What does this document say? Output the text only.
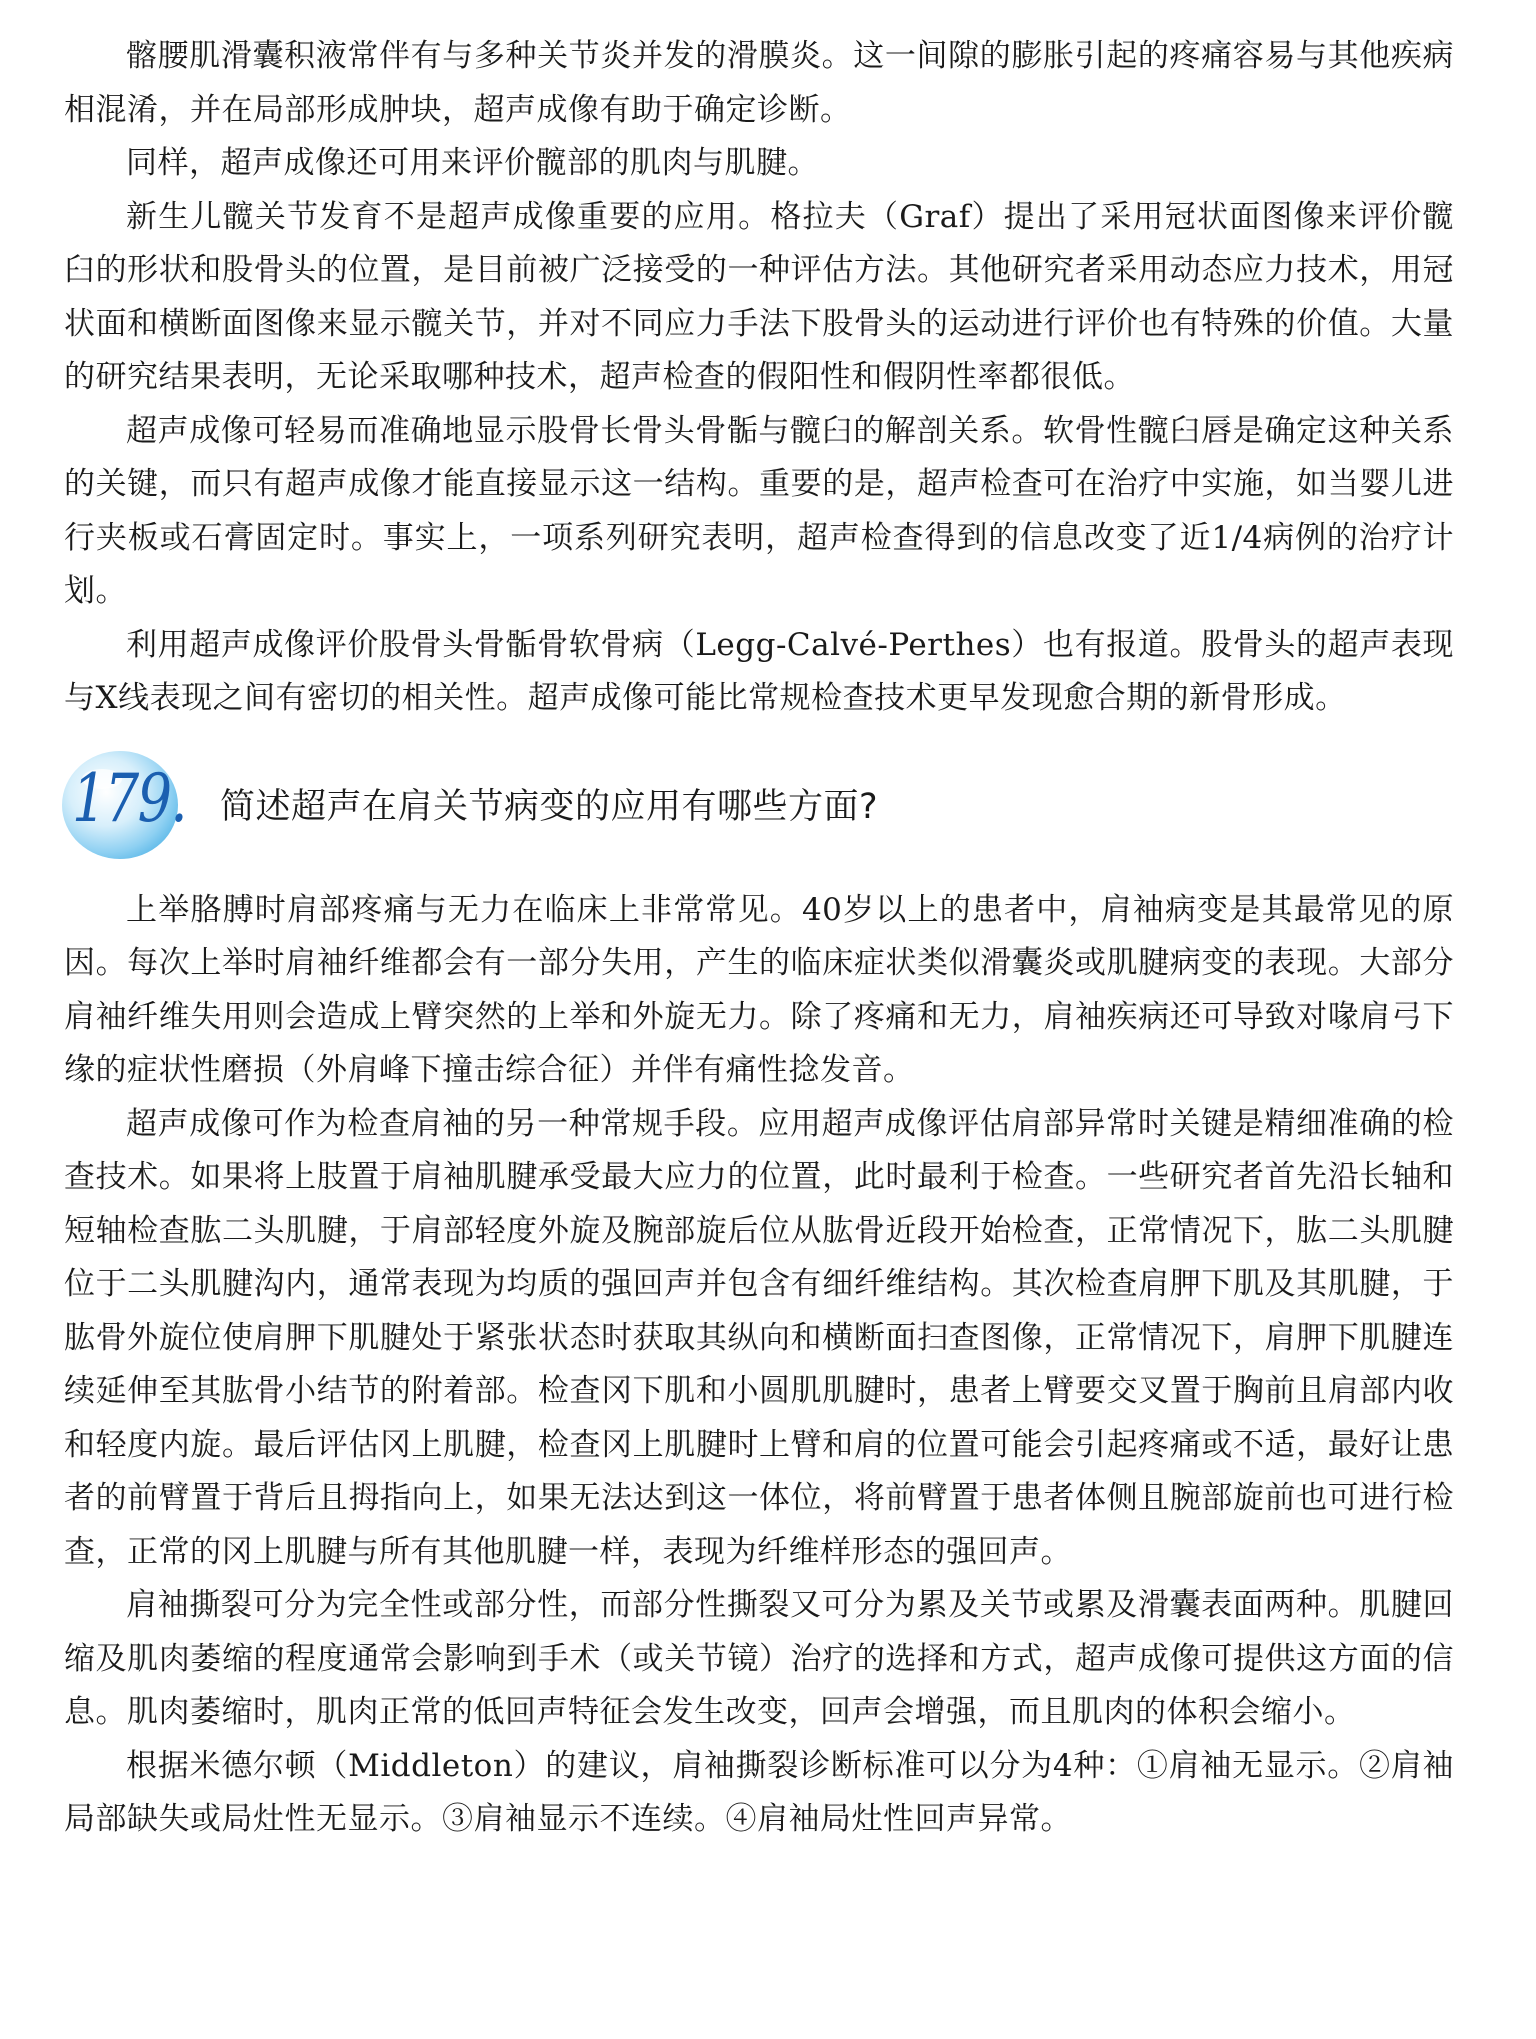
髂腰肌滑囊积液常伴有与多种关节炎并发的滑膜炎。这一间隙的膨胀引起的疼痛容易与其他疾病相混淆，并在局部形成肿块，超声成像有助于确定诊断。

同样，超声成像还可用来评价髋部的肌肉与肌腱。

新生儿髋关节发育不是超声成像重要的应用。格拉夫（Graf）提出了采用冠状面图像来评价髋臼的形状和股骨头的位置，是目前被广泛接受的一种评估方法。其他研究者采用动态应力技术，用冠状面和横断面图像来显示髋关节，并对不同应力手法下股骨头的运动进行评价也有特殊的价值。大量的研究结果表明，无论采取哪种技术，超声检查的假阳性和假阴性率都很低。

超声成像可轻易而准确地显示股骨长骨头骨骺与髋臼的解剖关系。软骨性髋臼唇是确定这种关系的关键，而只有超声成像才能直接显示这一结构。重要的是，超声检查可在治疗中实施，如当婴儿进行夹板或石膏固定时。事实上，一项系列研究表明，超声检查得到的信息改变了近1/4病例的治疗计划。

利用超声成像评价股骨头骨骺骨软骨病（Legg-Calvé-Perthes）也有报道。股骨头的超声表现与X线表现之间有密切的相关性。超声成像可能比常规检查技术更早发现愈合期的新骨形成。

179. 简述超声在肩关节病变的应用有哪些方面?

上举胳膊时肩部疼痛与无力在临床上非常常见。40岁以上的患者中，肩袖病变是其最常见的原因。每次上举时肩袖纤维都会有一部分失用，产生的临床症状类似滑囊炎或肌腱病变的表现。大部分肩袖纤维失用则会造成上臂突然的上举和外旋无力。除了疼痛和无力，肩袖疾病还可导致对喙肩弓下缘的症状性磨损（外肩峰下撞击综合征）并伴有痛性捻发音。

超声成像可作为检查肩袖的另一种常规手段。应用超声成像评估肩部异常时关键是精细准确的检查技术。如果将上肢置于肩袖肌腱承受最大应力的位置，此时最利于检查。一些研究者首先沿长轴和短轴检查肱二头肌腱，于肩部轻度外旋及腕部旋后位从肱骨近段开始检查，正常情况下，肱二头肌腱位于二头肌腱沟内，通常表现为均质的强回声并包含有细纤维结构。其次检查肩胛下肌及其肌腱，于肱骨外旋位使肩胛下肌腱处于紧张状态时获取其纵向和横断面扫查图像，正常情况下，肩胛下肌腱连续延伸至其肱骨小结节的附着部。检查冈下肌和小圆肌肌腱时，患者上臂要交叉置于胸前且肩部内收和轻度内旋。最后评估冈上肌腱，检查冈上肌腱时上臂和肩的位置可能会引起疼痛或不适，最好让患者的前臂置于背后且拇指向上，如果无法达到这一体位，将前臂置于患者体侧且腕部旋前也可进行检查，正常的冈上肌腱与所有其他肌腱一样，表现为纤维样形态的强回声。

肩袖撕裂可分为完全性或部分性，而部分性撕裂又可分为累及关节或累及滑囊表面两种。肌腱回缩及肌肉萎缩的程度通常会影响到手术（或关节镜）治疗的选择和方式，超声成像可提供这方面的信息。肌肉萎缩时，肌肉正常的低回声特征会发生改变，回声会增强，而且肌肉的体积会缩小。

根据米德尔顿（Middleton）的建议，肩袖撕裂诊断标准可以分为4种：①肩袖无显示。②肩袖局部缺失或局灶性无显示。③肩袖显示不连续。④肩袖局灶性回声异常。
